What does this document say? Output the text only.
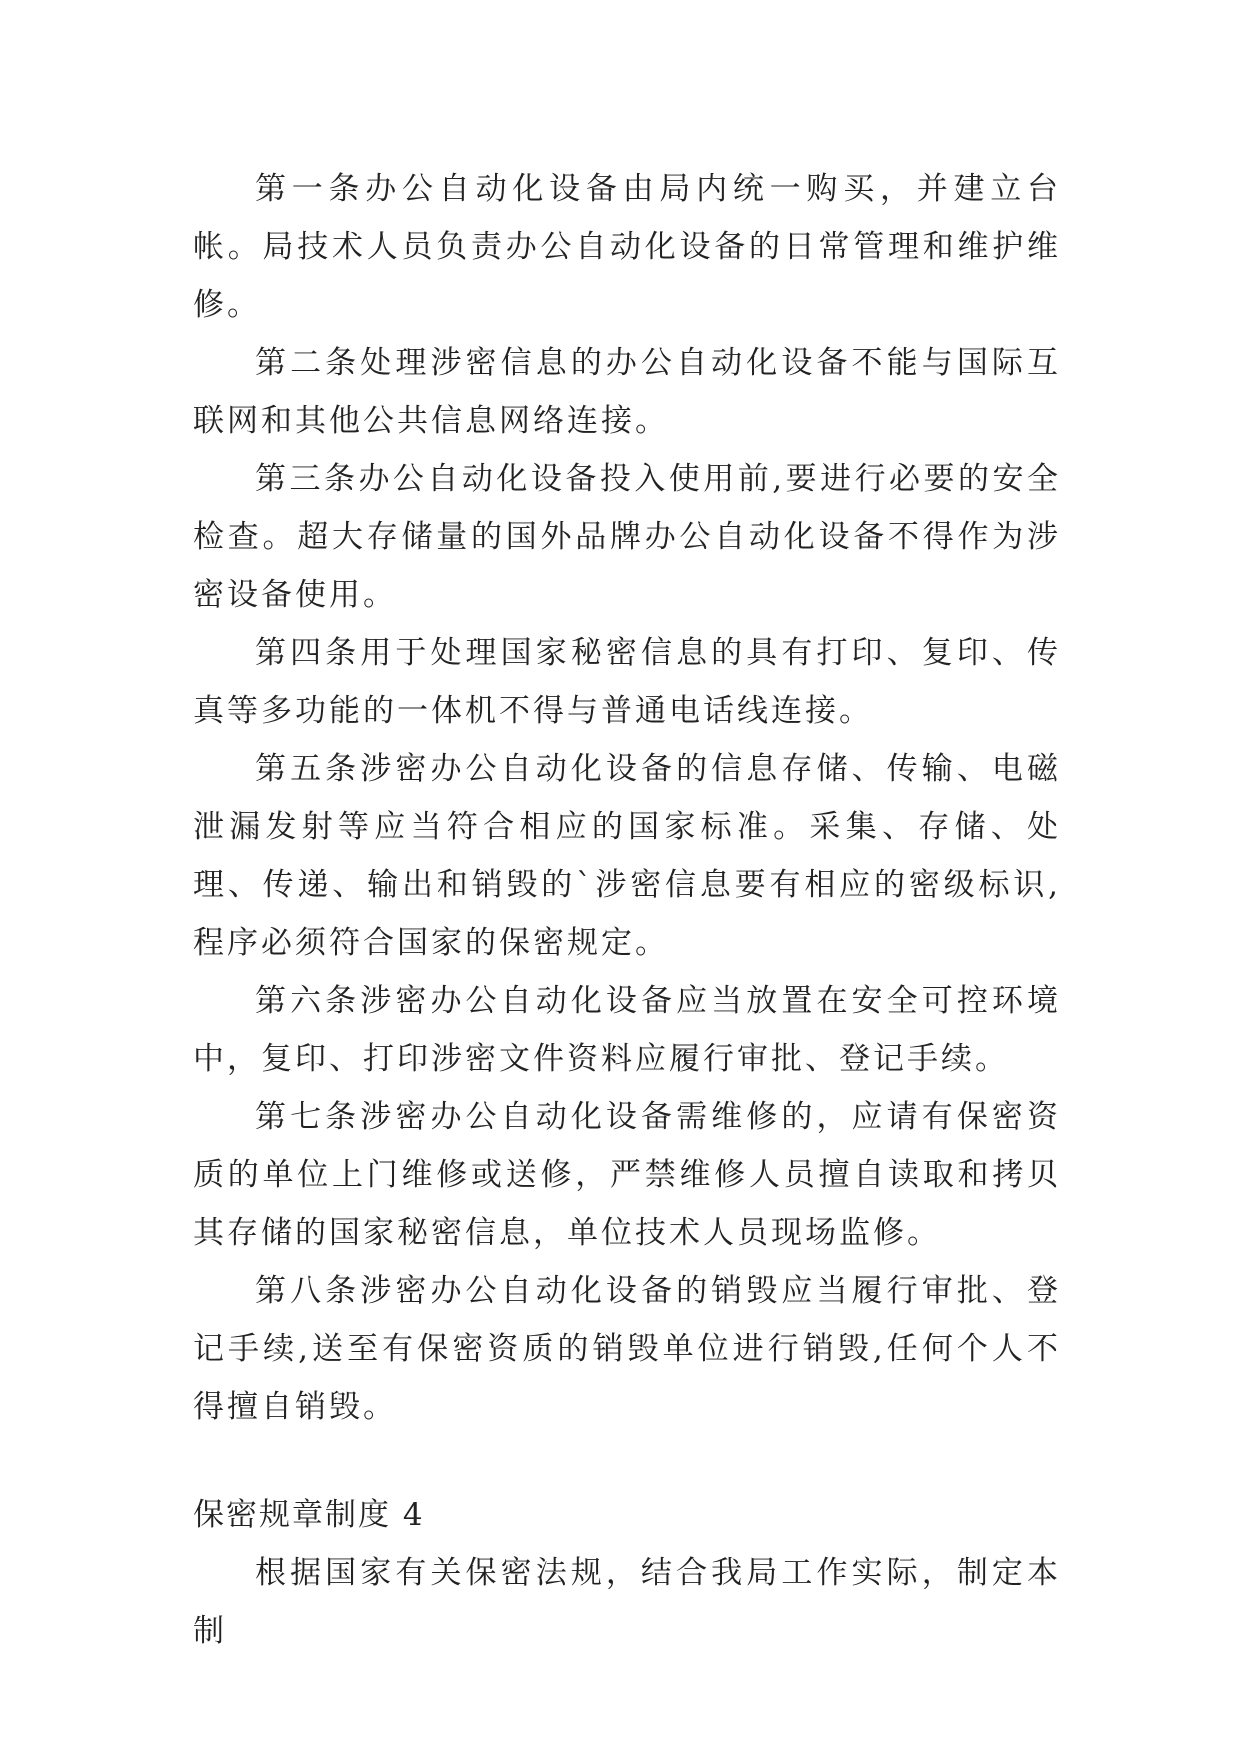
第一条办公自动化设备由局内统一购买，并建立台帐。局技术人员负责办公自动化设备的日常管理和维护维修。

第二条处理涉密信息的办公自动化设备不能与国际互联网和其他公共信息网络连接。

第三条办公自动化设备投入使用前,要进行必要的安全检查。超大存储量的国外品牌办公自动化设备不得作为涉密设备使用。

第四条用于处理国家秘密信息的具有打印、复印、传真等多功能的一体机不得与普通电话线连接。

第五条涉密办公自动化设备的信息存储、传输、电磁泄漏发射等应当符合相应的国家标准。采集、存储、处理、传递、输出和销毁的`涉密信息要有相应的密级标识,程序必须符合国家的保密规定。

第六条涉密办公自动化设备应当放置在安全可控环境中，复印、打印涉密文件资料应履行审批、登记手续。

第七条涉密办公自动化设备需维修的，应请有保密资质的单位上门维修或送修，严禁维修人员擅自读取和拷贝其存储的国家秘密信息，单位技术人员现场监修。

第八条涉密办公自动化设备的销毁应当履行审批、登记手续,送至有保密资质的销毁单位进行销毁,任何个人不得擅自销毁。

保密规章制度 4

根据国家有关保密法规，结合我局工作实际，制定本制
